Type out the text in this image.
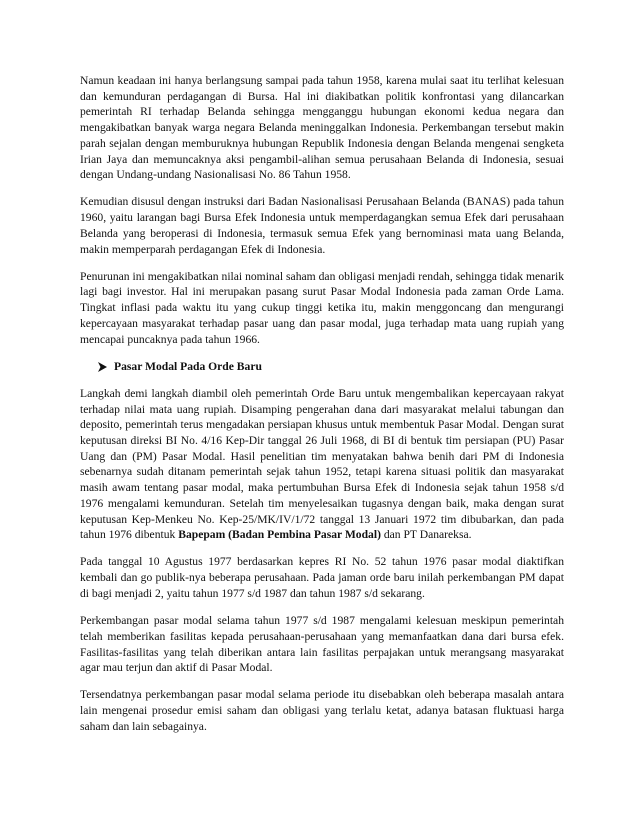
Namun keadaan ini hanya berlangsung sampai pada tahun 1958, karena mulai saat itu terlihat kelesuan dan kemunduran perdagangan di Bursa. Hal ini diakibatkan politik konfrontasi yang dilancarkan pemerintah RI terhadap Belanda sehingga mengganggu hubungan ekonomi kedua negara dan mengakibatkan banyak warga negara Belanda meninggalkan Indonesia. Perkembangan tersebut makin parah sejalan dengan memburuknya hubungan Republik Indonesia dengan Belanda mengenai sengketa Irian Jaya dan memuncaknya aksi pengambil-alihan semua perusahaan Belanda di Indonesia, sesuai dengan Undang-undang Nasionalisasi No. 86 Tahun 1958.

Kemudian disusul dengan instruksi dari Badan Nasionalisasi Perusahaan Belanda (BANAS) pada tahun 1960, yaitu larangan bagi Bursa Efek Indonesia untuk memperdagangkan semua Efek dari perusahaan Belanda yang beroperasi di Indonesia, termasuk semua Efek yang bernominasi mata uang Belanda, makin memperparah perdagangan Efek di Indonesia.

Penurunan ini mengakibatkan nilai nominal saham dan obligasi menjadi rendah, sehingga tidak menarik lagi bagi investor. Hal ini merupakan pasang surut Pasar Modal Indonesia pada zaman Orde Lama. Tingkat inflasi pada waktu itu yang cukup tinggi ketika itu, makin menggoncang dan mengurangi kepercayaan masyarakat terhadap pasar uang dan pasar modal, juga terhadap mata uang rupiah yang mencapai puncaknya pada tahun 1966.

Pasar Modal Pada Orde Baru

Langkah demi langkah diambil oleh pemerintah Orde Baru untuk mengembalikan kepercayaan rakyat terhadap nilai mata uang rupiah. Disamping pengerahan dana dari masyarakat melalui tabungan dan deposito, pemerintah terus mengadakan persiapan khusus untuk membentuk Pasar Modal. Dengan surat keputusan direksi BI No. 4/16 Kep-Dir tanggal 26 Juli 1968, di BI di bentuk tim persiapan (PU) Pasar Uang dan (PM) Pasar Modal. Hasil penelitian tim menyatakan bahwa benih dari PM di Indonesia sebenarnya sudah ditanam pemerintah sejak tahun 1952, tetapi karena situasi politik dan masyarakat masih awam tentang pasar modal, maka pertumbuhan Bursa Efek di Indonesia sejak tahun 1958 s/d 1976 mengalami kemunduran. Setelah tim menyelesaikan tugasnya dengan baik, maka dengan surat keputusan Kep-Menkeu No. Kep-25/MK/IV/1/72 tanggal 13 Januari 1972 tim dibubarkan, dan pada tahun 1976 dibentuk Bapepam (Badan Pembina Pasar Modal) dan PT Danareksa.

Pada tanggal 10 Agustus 1977 berdasarkan kepres RI No. 52 tahun 1976 pasar modal diaktifkan kembali dan go publik-nya beberapa perusahaan. Pada jaman orde baru inilah perkembangan PM dapat di bagi menjadi 2, yaitu tahun 1977 s/d 1987 dan tahun 1987 s/d sekarang.

Perkembangan pasar modal selama tahun 1977 s/d 1987 mengalami kelesuan meskipun pemerintah telah memberikan fasilitas kepada perusahaan-perusahaan yang memanfaatkan dana dari bursa efek. Fasilitas-fasilitas yang telah diberikan antara lain fasilitas perpajakan untuk merangsang masyarakat agar mau terjun dan aktif di Pasar Modal.

Tersendatnya perkembangan pasar modal selama periode itu disebabkan oleh beberapa masalah antara lain mengenai prosedur emisi saham dan obligasi yang terlalu ketat, adanya batasan fluktuasi harga saham dan lain sebagainya.
